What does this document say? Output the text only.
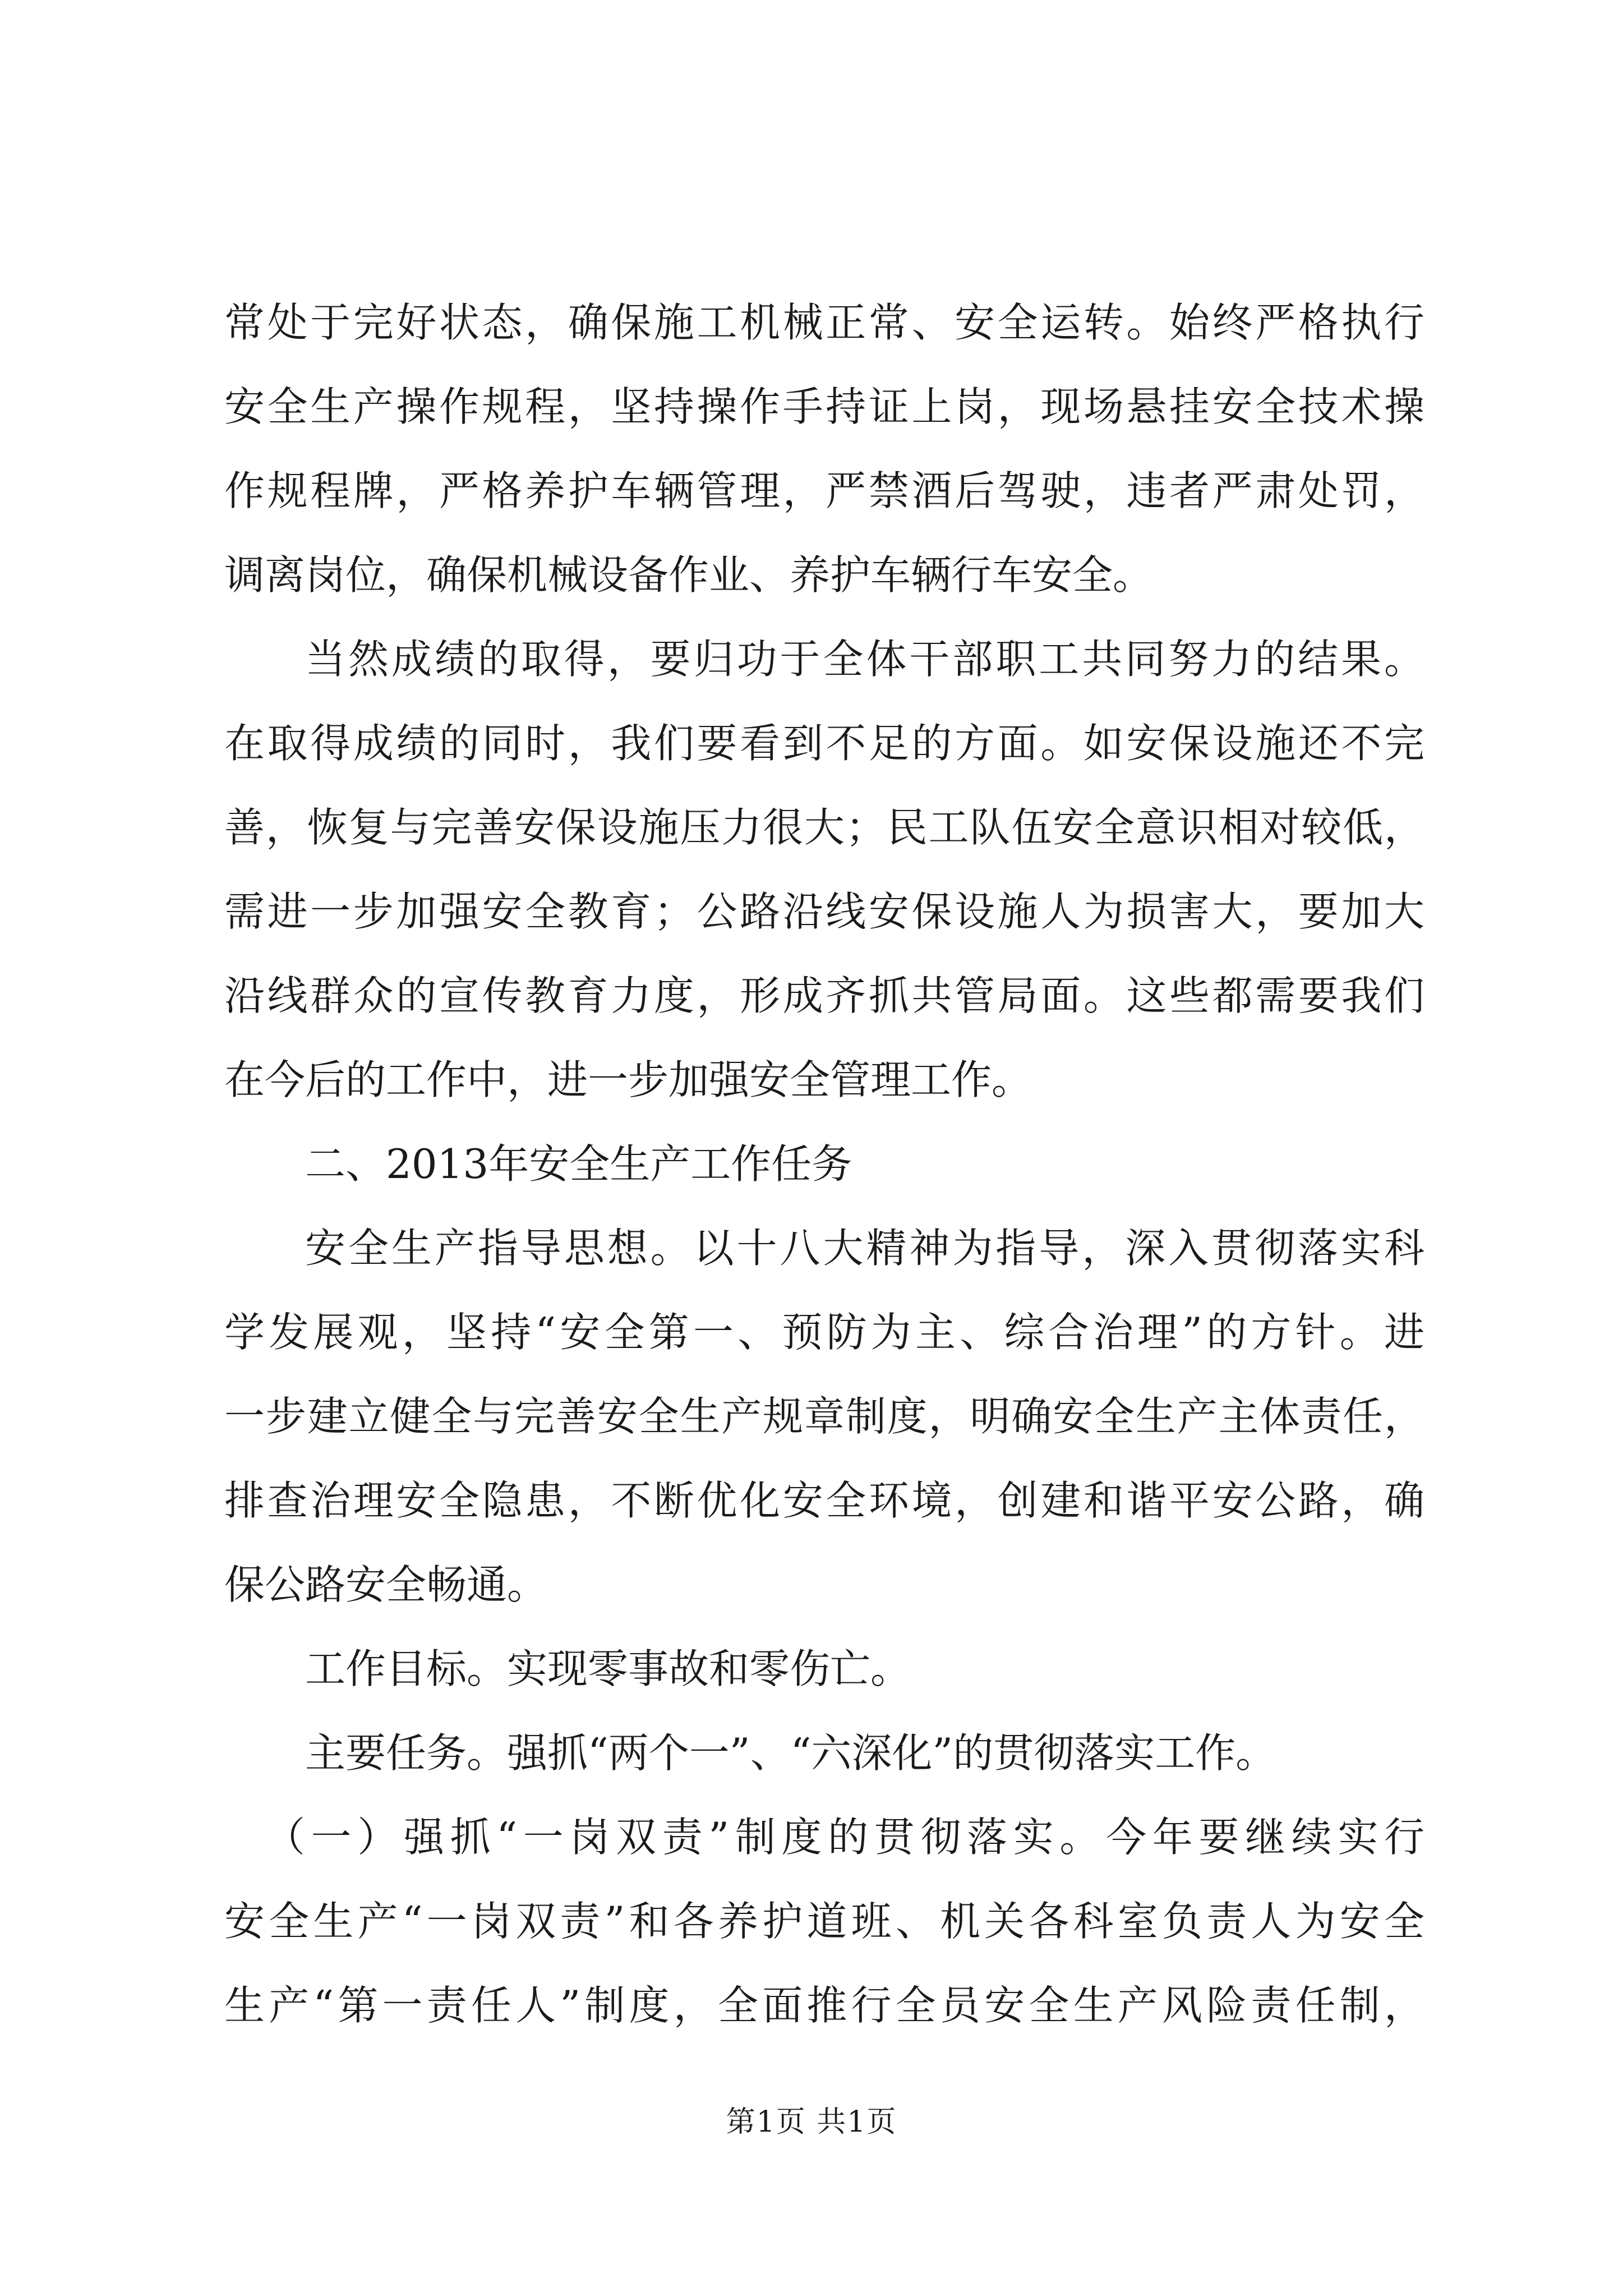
常处于完好状态，确保施工机械正常、安全运转。始终严格执行
安全生产操作规程，坚持操作手持证上岗，现场悬挂安全技术操
作规程牌，严格养护车辆管理，严禁酒后驾驶，违者严肃处罚，
调离岗位，确保机械设备作业、养护车辆行车安全。
当然成绩的取得，要归功于全体干部职工共同努力的结果。
在取得成绩的同时，我们要看到不足的方面。如安保设施还不完
善，恢复与完善安保设施压力很大；民工队伍安全意识相对较低，
需进一步加强安全教育；公路沿线安保设施人为损害大，要加大
沿线群众的宣传教育力度，形成齐抓共管局面。这些都需要我们
在今后的工作中，进一步加强安全管理工作。
二、2013年安全生产工作任务
安全生产指导思想。以十八大精神为指导，深入贯彻落实科
学发展观，坚持“安全第一、预防为主、综合治理”的方针。进
一步建立健全与完善安全生产规章制度，明确安全生产主体责任，
排查治理安全隐患，不断优化安全环境，创建和谐平安公路，确
保公路安全畅通。
工作目标。实现零事故和零伤亡。
主要任务。强抓“两个一”、“六深化”的贯彻落实工作。
（一）强抓“一岗双责”制度的贯彻落实。今年要继续实行
安全生产“一岗双责”和各养护道班、机关各科室负责人为安全
生产“第一责任人”制度，全面推行全员安全生产风险责任制，
第1页 共1页
